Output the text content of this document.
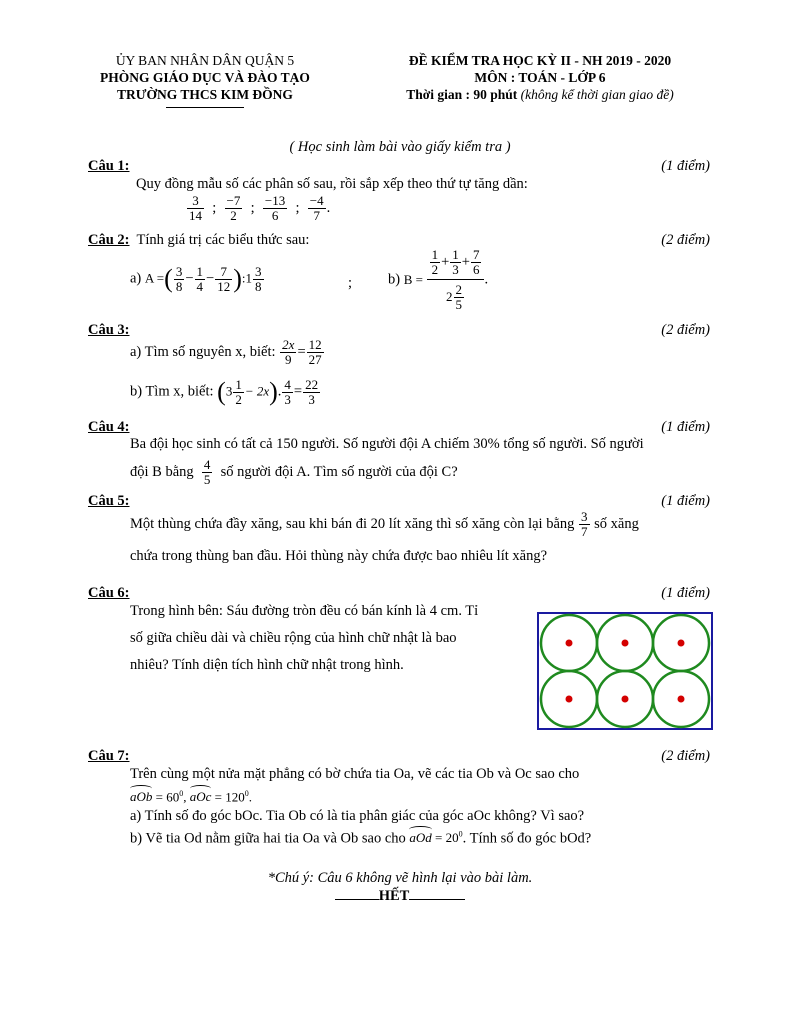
ỦY BAN NHÂN DÂN QUẬN 5
PHÒNG GIÁO DỤC VÀ ĐÀO TẠO
TRƯỜNG THCS KIM ĐỒNG
ĐỀ KIỂM TRA HỌC KỲ II - NH 2019 - 2020
MÔN : TOÁN - LỚP 6
Thời gian : 90 phút (không kể thời gian giao đề)
( Học sinh làm bài vào giấy kiểm tra )
Câu 1:	(1 điểm)
Quy đồng mẫu số các phân số sau, rồi sắp xếp theo thứ tự tăng dần:
$\frac{3}{14}$ ; $\frac{-7}{2}$ ; $\frac{-13}{6}$ ; $\frac{-4}{7}$ .
Câu 2: Tính giá trị các biểu thức sau:	(2 điểm)
a) A =( $\frac{3}{8} - \frac{1}{4} - \frac{7}{12}$ ):1 $\frac{3}{8}$	; b) $B = \frac{\frac{1}{2} + \frac{1}{3} + \frac{7}{6}}{2 \frac{2}{5}}$ .
Câu 3:	(2 điểm)
a) Tìm số nguyên x, biết: $\frac{2x}{9} = \frac{12}{27}$
b) Tìm x, biết: $(3 \frac{1}{2} - 2x)$. $\frac{4}{3} = \frac{22}{3}$
Câu 4:	(1 điểm)
Ba đội học sinh có tất cả 150 người. Số người đội A chiếm 30% tổng số người. Số người
đội B bằng $\frac{4}{5}$ số người đội A. Tìm số người của đội C?
Câu 5:	(1 điểm)
Một thùng chứa đầy xăng, sau khi bán đi 20 lít xăng thì số xăng còn lại bằng $\frac{3}{7}$ số xăng
chứa trong thùng ban đầu. Hỏi thùng này chứa được bao nhiêu lít xăng?
Câu 6:	(1 điểm)
Trong hình bên: Sáu đường tròn đều có bán kính là 4 cm. Tỉ
số giữa chiều dài và chiều rộng của hình chữ nhật là bao
nhiêu? Tính diện tích hình chữ nhật trong hình.
Câu 7:	(2 điểm)
Trên cùng một nửa mặt phẳng có bờ chứa tia Oa, vẽ các tia Ob và Oc sao cho
aOb = $60^0$, aOc = $120^0$.
a) Tính số đo góc bOc. Tia Ob có là tia phân giác của góc aOc không? Vì sao?
b) Vẽ tia Od nằm giữa hai tia Oa và Ob sao cho aOd = $20^0$. Tính số đo góc bOd?
*Chú ý: Câu 6 không vẽ hình lại vào bài làm.
HẾT
